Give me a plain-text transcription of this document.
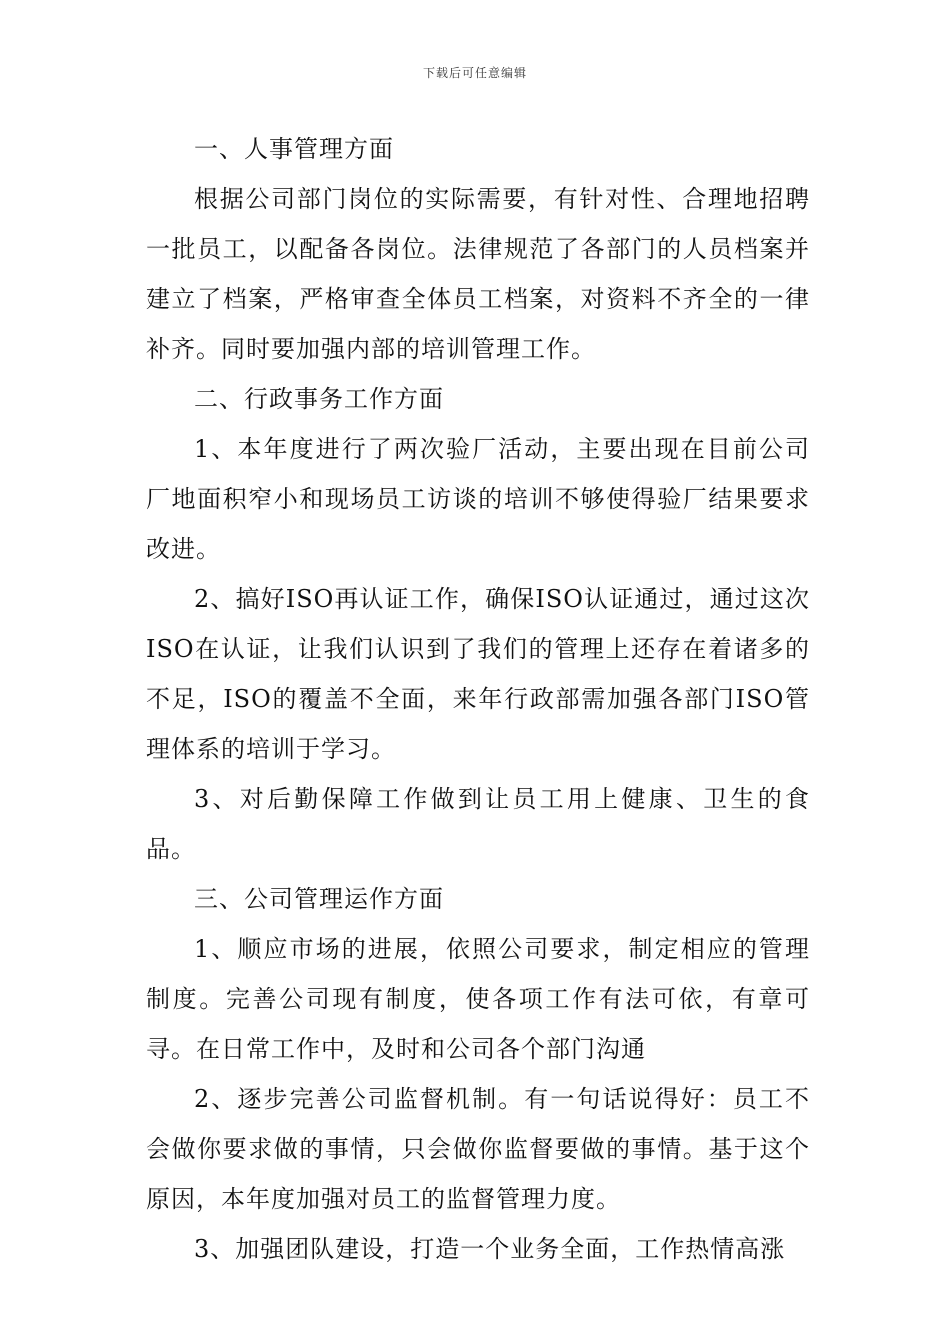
下载后可任意编辑

一、人事管理方面

根据公司部门岗位的实际需要，有针对性、合理地招聘一批员工，以配备各岗位。法律规范了各部门的人员档案并建立了档案，严格审查全体员工档案，对资料不齐全的一律补齐。同时要加强内部的培训管理工作。

二、行政事务工作方面

1、本年度进行了两次验厂活动，主要出现在目前公司厂地面积窄小和现场员工访谈的培训不够使得验厂结果要求改进。

2、搞好ISO再认证工作，确保ISO认证通过，通过这次ISO在认证，让我们认识到了我们的管理上还存在着诸多的不足，ISO的覆盖不全面，来年行政部需加强各部门ISO管理体系的培训于学习。

3、对后勤保障工作做到让员工用上健康、卫生的食品。

三、公司管理运作方面

1、顺应市场的进展，依照公司要求，制定相应的管理制度。完善公司现有制度，使各项工作有法可依，有章可寻。在日常工作中，及时和公司各个部门沟通

2、逐步完善公司监督机制。有一句话说得好：员工不会做你要求做的事情，只会做你监督要做的事情。基于这个原因，本年度加强对员工的监督管理力度。

3、加强团队建设，打造一个业务全面，工作热情高涨
